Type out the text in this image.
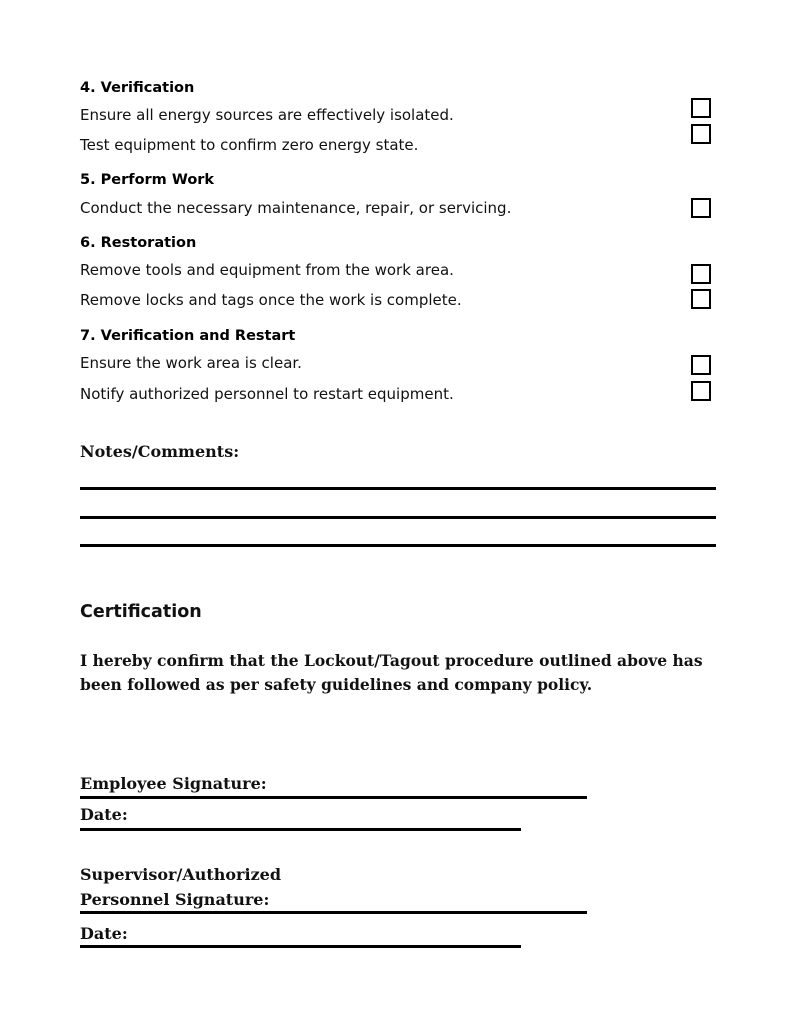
4. Verification
Ensure all energy sources are effectively isolated.
Test equipment to confirm zero energy state.
5. Perform Work
Conduct the necessary maintenance, repair, or servicing.
6. Restoration
Remove tools and equipment from the work area.
Remove locks and tags once the work is complete.
7. Verification and Restart
Ensure the work area is clear.
Notify authorized personnel to restart equipment.
Notes/Comments:
Certification
I hereby confirm that the Lockout/Tagout procedure outlined above has been followed as per safety guidelines and company policy.
Employee Signature:
Date:
Supervisor/Authorized
Personnel Signature:
Date:
